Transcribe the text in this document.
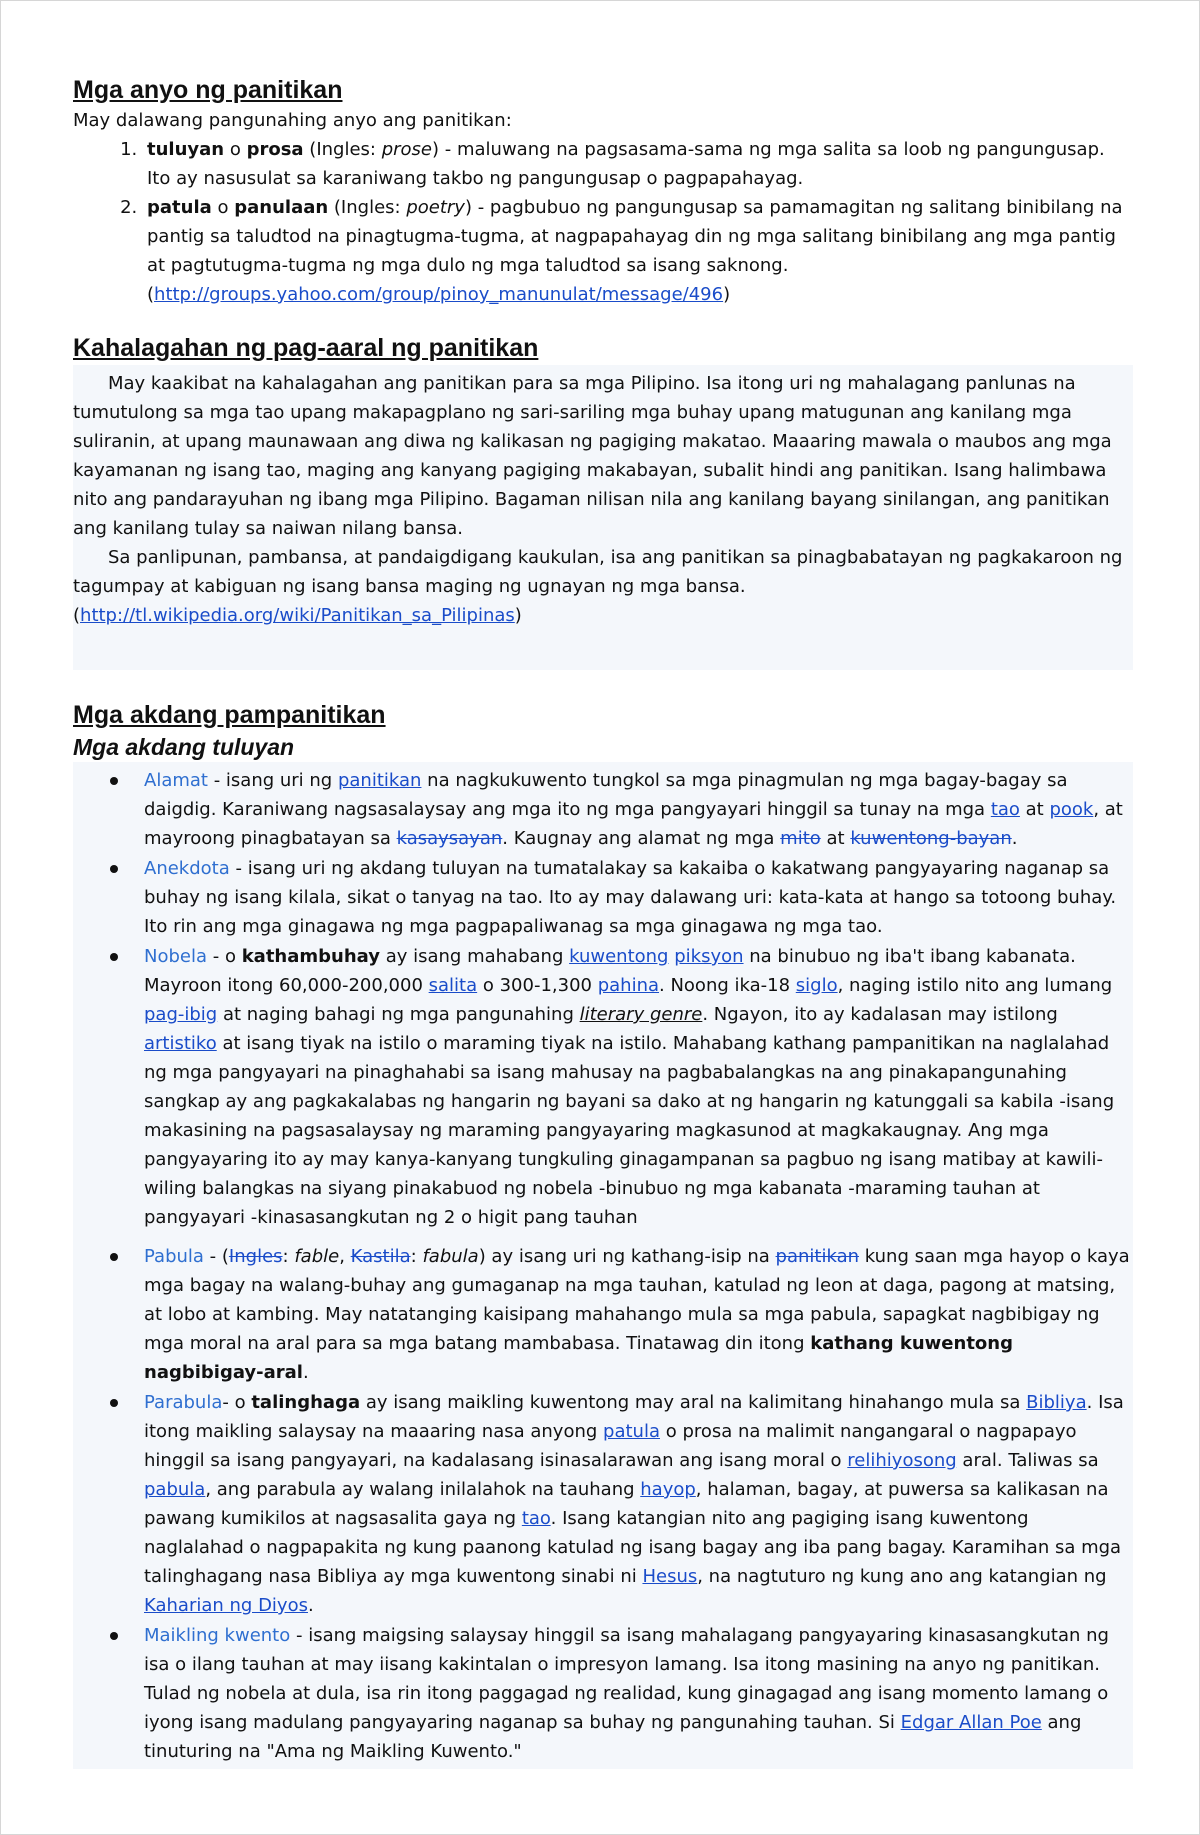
Mga anyo ng panitikan

May dalawang pangunahing anyo ang panitikan:

1. tuluyan o prosa (Ingles: prose) - maluwang na pagsasama-sama ng mga salita sa loob ng pangungusap. Ito ay nasusulat sa karaniwang takbo ng pangungusap o pagpapahayag.
2. patula o panulaan (Ingles: poetry) - pagbubuo ng pangungusap sa pamamagitan ng salitang binibilang na pantig sa taludtod na pinagtugma-tugma, at nagpapahayag din ng mga salitang binibilang ang mga pantig at pagtutugma-tugma ng mga dulo ng mga taludtod sa isang saknong. (http://groups.yahoo.com/group/pinoy_manunulat/message/496)
Kahalagahan ng pag-aaral ng panitikan

May kaakibat na kahalagahan ang panitikan para sa mga Pilipino. Isa itong uri ng mahalagang panlunas na tumutulong sa mga tao upang makapagplano ng sari-sariling mga buhay upang matugunan ang kanilang mga suliranin, at upang maunawaan ang diwa ng kalikasan ng pagiging makatao. Maaaring mawala o maubos ang mga kayamanan ng isang tao, maging ang kanyang pagiging makabayan, subalit hindi ang panitikan. Isang halimbawa nito ang pandarayuhan ng ibang mga Pilipino. Bagaman nilisan nila ang kanilang bayang sinilangan, ang panitikan ang kanilang tulay sa naiwan nilang bansa.

Sa panlipunan, pambansa, at pandaigdigang kaukulan, isa ang panitikan sa pinagbabatayan ng pagkakaroon ng tagumpay at kabiguan ng isang bansa maging ng ugnayan ng mga bansa.

(http://tl.wikipedia.org/wiki/Panitikan_sa_Pilipinas)

Mga akdang pampanitikan
Mga akdang tuluyan
Alamat - isang uri ng panitikan na nagkukuwento tungkol sa mga pinagmulan ng mga bagay-bagay sa daigdig. Karaniwang nagsasalaysay ang mga ito ng mga pangyayari hinggil sa tunay na mga tao at pook, at mayroong pinagbatayan sa kasaysayan. Kaugnay ang alamat ng mga mito at kuwentong-bayan.
Anekdota - isang uri ng akdang tuluyan na tumatalakay sa kakaiba o kakatwang pangyayaring naganap sa buhay ng isang kilala, sikat o tanyag na tao. Ito ay may dalawang uri: kata-kata at hango sa totoong buhay. Ito rin ang mga ginagawa ng mga pagpapaliwanag sa mga ginagawa ng mga tao.
Nobela - o kathambuhay ay isang mahabang kuwentong piksyon na binubuo ng iba't ibang kabanata. Mayroon itong 60,000-200,000 salita o 300-1,300 pahina. Noong ika-18 siglo, naging istilo nito ang lumang pag-ibig at naging bahagi ng mga pangunahing literary genre. Ngayon, ito ay kadalasan may istilong artistiko at isang tiyak na istilo o maraming tiyak na istilo. Mahabang kathang pampanitikan na naglalahad ng mga pangyayari na pinaghahabi sa isang mahusay na pagbabalangkas na ang pinakapangunahing sangkap ay ang pagkakalabas ng hangarin ng bayani sa dako at ng hangarin ng katunggali sa kabila -isang makasining na pagsasalaysay ng maraming pangyayaring magkasunod at magkakaugnay. Ang mga pangyayaring ito ay may kanya-kanyang tungkuling ginagampanan sa pagbuo ng isang matibay at kawili-wiling balangkas na siyang pinakabuod ng nobela -binubuo ng mga kabanata -maraming tauhan at pangyayari -kinasasangkutan ng 2 o higit pang tauhan
Pabula - (Ingles: fable, Kastila: fabula) ay isang uri ng kathang-isip na panitikan kung saan mga hayop o kaya mga bagay na walang-buhay ang gumaganap na mga tauhan, katulad ng leon at daga, pagong at matsing, at lobo at kambing. May natatanging kaisipang mahahango mula sa mga pabula, sapagkat nagbibigay ng mga moral na aral para sa mga batang mambabasa. Tinatawag din itong kathang kuwentong nagbibigay-aral.
Parabula- o talinghaga ay isang maikling kuwentong may aral na kalimitang hinahango mula sa Bibliya. Isa itong maikling salaysay na maaaring nasa anyong patula o prosa na malimit nangangaral o nagpapayo hinggil sa isang pangyayari, na kadalasang isinasalarawan ang isang moral o relihiyosong aral. Taliwas sa pabula, ang parabula ay walang inilalahok na tauhang hayop, halaman, bagay, at puwersa sa kalikasan na pawang kumikilos at nagsasalita gaya ng tao. Isang katangian nito ang pagiging isang kuwentong naglalahad o nagpapakita ng kung paanong katulad ng isang bagay ang iba pang bagay. Karamihan sa mga talinghagang nasa Bibliya ay mga kuwentong sinabi ni Hesus, na nagtuturo ng kung ano ang katangian ng Kaharian ng Diyos.
Maikling kwento - isang maigsing salaysay hinggil sa isang mahalagang pangyayaring kinasasangkutan ng isa o ilang tauhan at may iisang kakintalan o impresyon lamang. Isa itong masining na anyo ng panitikan. Tulad ng nobela at dula, isa rin itong paggagad ng realidad, kung ginagagad ang isang momento lamang o iyong isang madulang pangyayaring naganap sa buhay ng pangunahing tauhan. Si Edgar Allan Poe ang tinuturing na "Ama ng Maikling Kuwento."
